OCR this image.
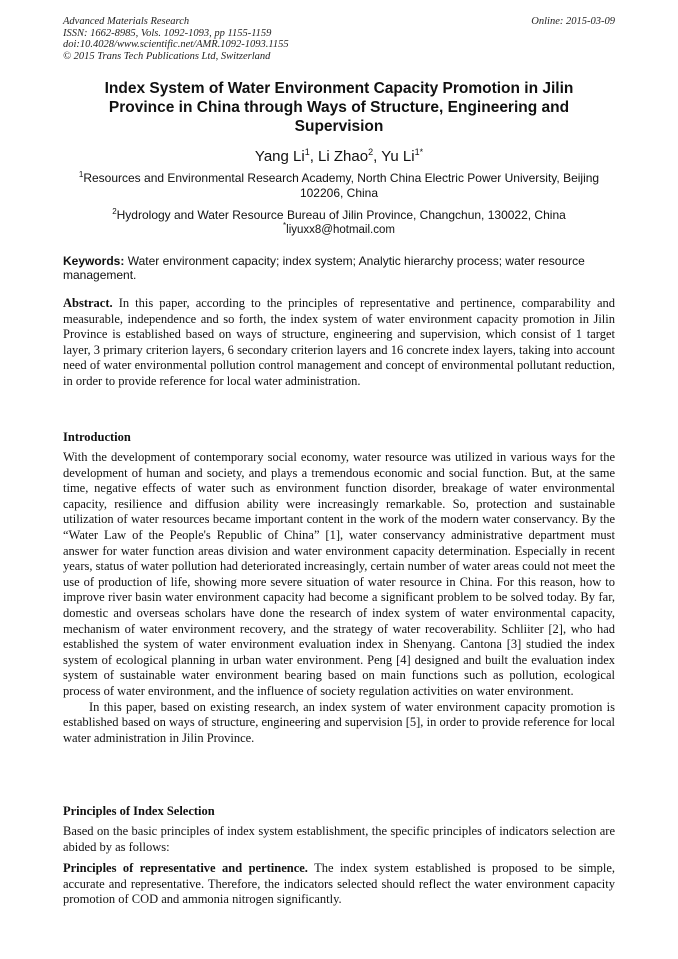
Advanced Materials Research
ISSN: 1662-8985, Vols. 1092-1093, pp 1155-1159
doi:10.4028/www.scientific.net/AMR.1092-1093.1155
© 2015 Trans Tech Publications Ltd, Switzerland
Online: 2015-03-09
Index System of Water Environment Capacity Promotion in Jilin
Province in China through Ways of Structure, Engineering and
Supervision
Yang Li$^1$, Li Zhao$^2$, Yu $Li^{1*}$
$^1$Resources and Environmental Research Academy, North China Electric Power University, Beijing
102206, China
$^2$Hydrology and Water Resource Bureau of Jilin Province, Changchun, 130022, China
*liyuxx8@hotmail.com
Keywords: Water environment capacity; index system; Analytic hierarchy process; water resource management.

Abstract. In this paper, according to the principles of representative and pertinence, comparability and measurable, independence and so forth, the index system of water environment capacity promotion in Jilin Province is established based on ways of structure, engineering and supervision, which consist of 1 target layer, 3 primary criterion layers, 6 secondary criterion layers and 16 concrete index layers, taking into account need of water environmental pollution control management and concept of environmental pollutant reduction, in order to provide reference for local water administration.

Introduction

With the development of contemporary social economy, water resource was utilized in various ways for the development of human and society, and plays a tremendous economic and social function. But, at the same time, negative effects of water such as environment function disorder, breakage of water environmental capacity, resilience and diffusion ability were increasingly remarkable. So, protection and sustainable utilization of water resources became important content in the work of the modern water conservancy. By the “Water Law of the People's Republic of China” [1], water conservancy administrative department must answer for water function areas division and water environment capacity determination. Especially in recent years, status of water pollution had deteriorated increasingly, certain number of water areas could not meet the use of production of life, showing more severe situation of water resource in China. For this reason, how to improve river basin water environment capacity had become a significant problem to be solved today. By far, domestic and overseas scholars have done the research of index system of water environmental capacity, mechanism of water environment recovery, and the strategy of water recoverability. Schliiter [2], who had established the system of water environment evaluation index in Shenyang. Cantona [3] studied the index system of ecological planning in urban water environment. Peng [4] designed and built the evaluation index system of sustainable water environment bearing based on main functions such as pollution, ecological process of water environment, and the influence of society regulation activities on water environment.

In this paper, based on existing research, an index system of water environment capacity promotion is established based on ways of structure, engineering and supervision [5], in order to provide reference for local water administration in Jilin Province.

Principles of Index Selection

Based on the basic principles of index system establishment, the specific principles of indicators selection are abided by as follows:

Principles of representative and pertinence. The index system established is proposed to be simple, accurate and representative. Therefore, the indicators selected should reflect the water environment capacity promotion of COD and ammonia nitrogen significantly.
